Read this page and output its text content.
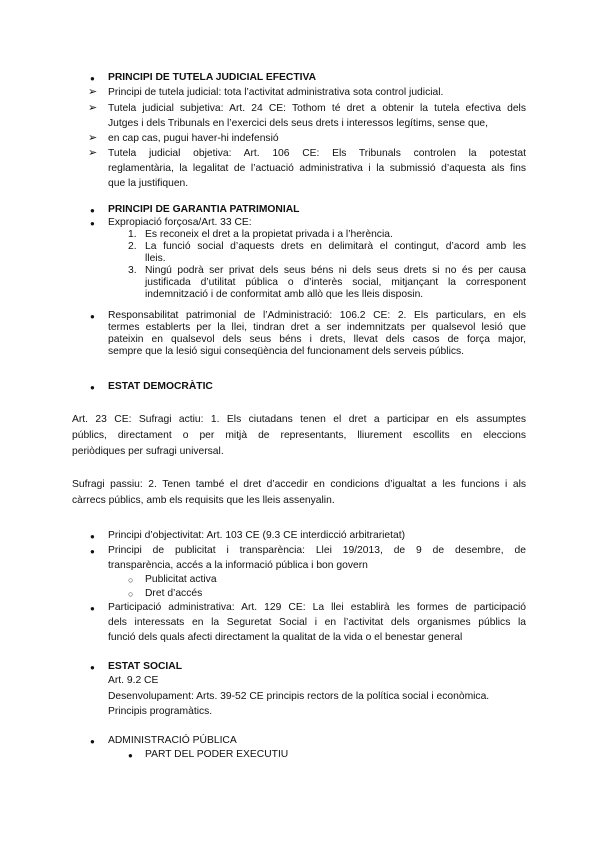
● PRINCIPI DE TUTELA JUDICIAL EFECTIVA
➢ Principi de tutela judicial: tota l’activitat administrativa sota control judicial.
➢ Tutela judicial subjetiva: Art. 24 CE: Tothom té dret a obtenir la tutela efectiva dels
Jutges i dels Tribunals en l’exercici dels seus drets i interessos legítims, sense que,
➢ en cap cas, pugui haver-hi indefensió
➢ Tutela judicial objetiva: Art. 106 CE: Els Tribunals controlen la potestat
reglamentària, la legalitat de l’actuació administrativa i la submissió d’aquesta als fins
que la justifiquen.
● PRINCIPI DE GARANTIA PATRIMONIAL
● Expropiació forçosa/Art. 33 CE:
1. Es reconeix el dret a la propietat privada i a l’herència.
2. La funció social d’aquests drets en delimitarà el contingut, d’acord amb les
lleis.
3. Ningú podrà ser privat dels seus béns ni dels seus drets si no és per causa
justificada d’utilitat pública o d’interès social, mitjançant la corresponent
indemnització i de conformitat amb allò que les lleis disposin.
● Responsabilitat patrimonial de l’Administració: 106.2 CE: 2. Els particulars, en els
termes establerts per la llei, tindran dret a ser indemnitzats per qualsevol lesió que
pateixin en qualsevol dels seus béns i drets, llevat dels casos de força major,
sempre que la lesió sigui conseqüència del funcionament dels serveis públics.
● ESTAT DEMOCRÀTIC
Art. 23 CE: Sufragi actiu: 1. Els ciutadans tenen el dret a participar en els assumptes
públics, directament o per mitjà de representants, lliurement escollits en eleccions
periòdiques per sufragi universal.
Sufragi passiu: 2. Tenen també el dret d’accedir en condicions d’igualtat a les funcions i als
càrrecs públics, amb els requisits que les lleis assenyalin.
● Principi d’objectivitat: Art. 103 CE (9.3 CE interdicció arbitrarietat)
● Principi de publicitat i transparència: Llei 19/2013, de 9 de desembre, de
transparència, accés a la informació pública i bon govern
○ Publicitat activa
○ Dret d’accés
● Participació administrativa: Art. 129 CE: La llei establirà les formes de participació
dels interessats en la Seguretat Social i en l’activitat dels organismes públics la
funció dels quals afecti directament la qualitat de la vida o el benestar general
● ESTAT SOCIAL
Art. 9.2 CE
Desenvolupament: Arts. 39-52 CE principis rectors de la política social i econòmica.
Principis programàtics.
● ADMINISTRACIÓ PÚBLICA
● PART DEL PODER EXECUTIU
